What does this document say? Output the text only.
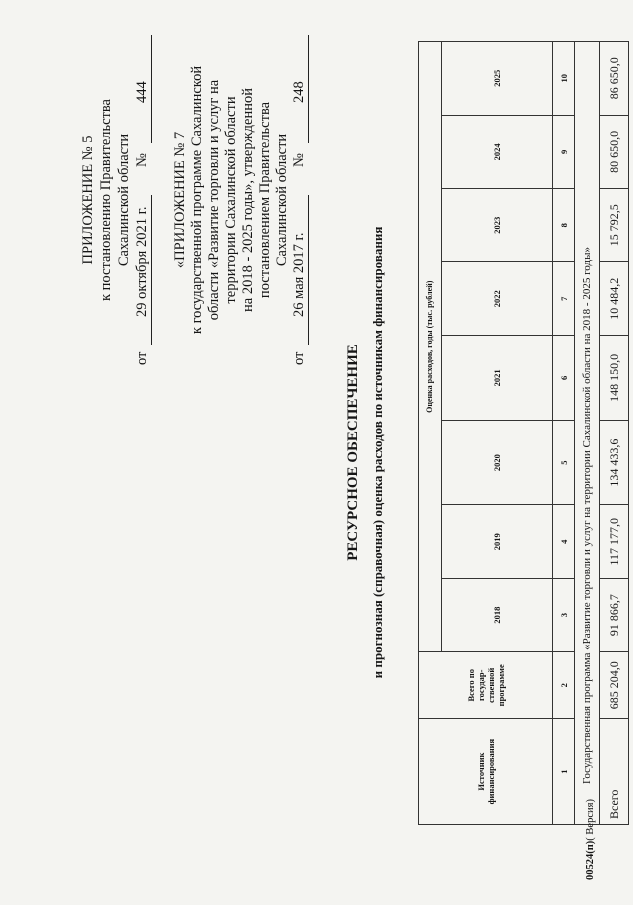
ПРИЛОЖЕНИЕ № 5 к постановлению Правительства Сахалинской области
от
29 октября 2021 г.
№
444
«ПРИЛОЖЕНИЕ № 7 к государственной программе Сахалинской области «Развитие торговли и услуг на территории Сахалинской области на 2018 - 2025 годы», утвержденной постановлением Правительства Сахалинской области
от
26 мая 2017 г.
№
248
РЕСУРСНОЕ ОБЕСПЕЧЕНИЕ и прогнозная (справочная) оценка расходов по источникам финансирования
Источник финансирования	Всего по государ-ственной программе	Оценка расходов, годы (тыс. рублей)							
		2018	2019	2020	2021	2022	2023	2024	2025
1	2	3	4	5	6	7	8	9	10
Государственная программа «Развитие торговли и услуг на территории Сахалинской области на 2018 - 2025 годы»									
Всего	685 204,0	91 866,7	117 177,0	134 433,6	148 150,0	10 484,2	15 792,5	80 650,0	86 650,0
00524(п)( Версия)
